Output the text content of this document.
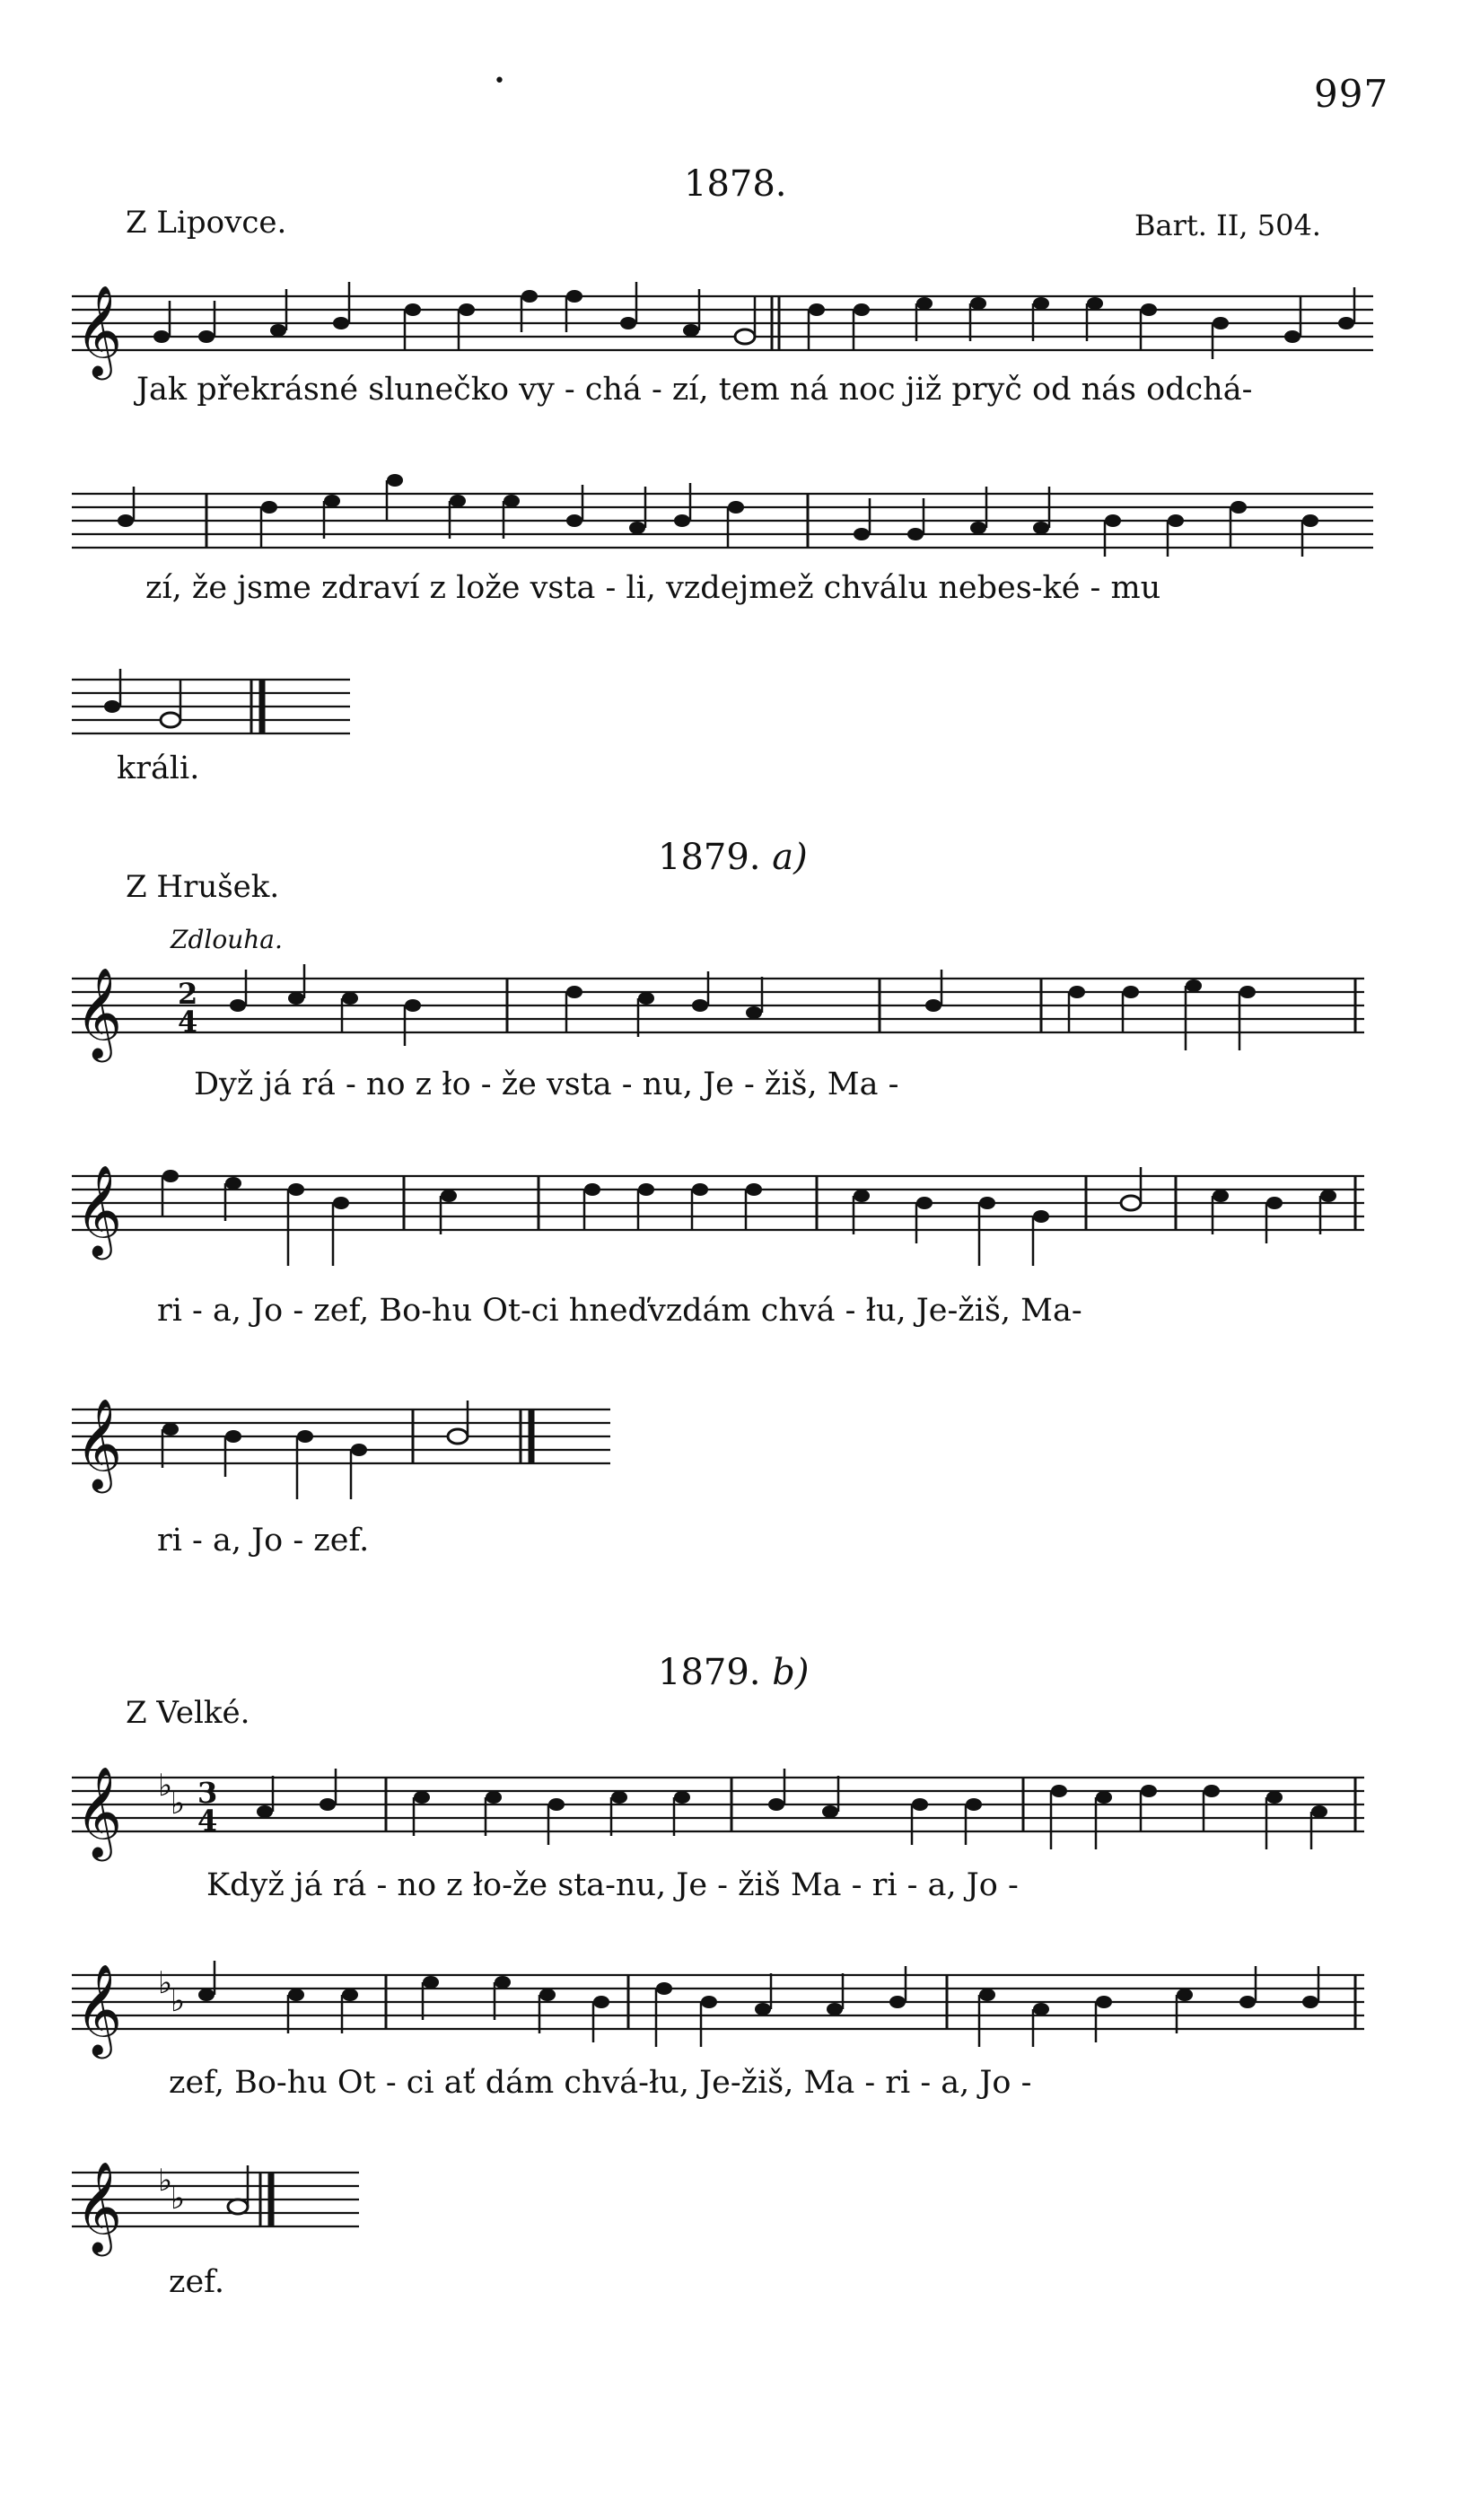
•	997
1878.
Z Lipovce.	Bart. II, 504.
𝄞
Jak překrásné slunečko vy - chá - zí, tem ná noc již pryč od nás odchá-
zí, že jsme zdraví z lože vsta - li, vzdejmež chválu nebes-ké - mu
králi.
1879. a)
Z Hrušek.
Zdlouha.
𝄞 2
4
Dyž já rá - no z ło - že vsta - nu, Je - žiš, Ma -
𝄞
ri - a, Jo - zef, Bo-hu Ot-ci hneďvzdám chvá - łu, Je-žiš, Ma-
𝄞
ri - a, Jo - zef.
1879. b)
Z Velké.
𝄞 ♭
♭ 3
4
Když já rá - no z ło-že sta-nu, Je - žiš Ma - ri - a, Jo -
𝄞 ♭
♭
zef, Bo-hu Ot - ci ať dám chvá-łu, Je-žiš, Ma - ri - a, Jo -
𝄞 ♭
♭
zef.
